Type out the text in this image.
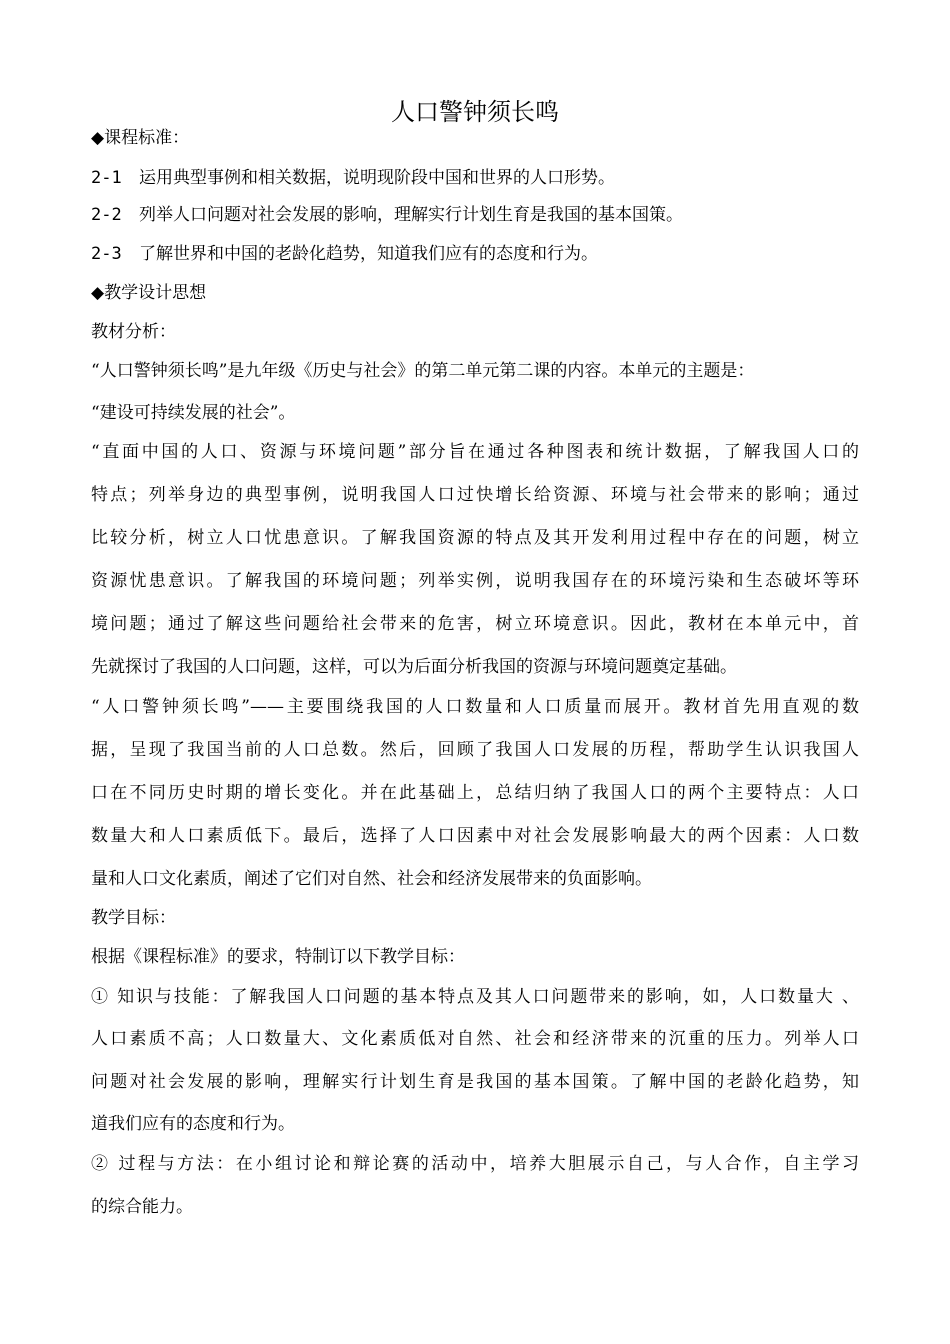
人口警钟须长鸣
◆课程标准：
2-1 运用典型事例和相关数据，说明现阶段中国和世界的人口形势。
2-2 列举人口问题对社会发展的影响，理解实行计划生育是我国的基本国策。
2-3 了解世界和中国的老龄化趋势，知道我们应有的态度和行为。
◆教学设计思想
教材分析：
“人口警钟须长鸣”是九年级《历史与社会》的第二单元第二课的内容。本单元的主题是：
“建设可持续发展的社会”。
“直面中国的人口、资源与环境问题”部分旨在通过各种图表和统计数据，了解我国人口的
特点；列举身边的典型事例，说明我国人口过快增长给资源、环境与社会带来的影响；通过
比较分析，树立人口忧患意识。了解我国资源的特点及其开发利用过程中存在的问题，树立
资源忧患意识。了解我国的环境问题；列举实例，说明我国存在的环境污染和生态破坏等环
境问题；通过了解这些问题给社会带来的危害，树立环境意识。因此，教材在本单元中，首
先就探讨了我国的人口问题，这样，可以为后面分析我国的资源与环境问题奠定基础。
“人口警钟须长鸣”——主要围绕我国的人口数量和人口质量而展开。教材首先用直观的数
据，呈现了我国当前的人口总数。然后，回顾了我国人口发展的历程，帮助学生认识我国人
口在不同历史时期的增长变化。并在此基础上，总结归纳了我国人口的两个主要特点：人口
数量大和人口素质低下。最后，选择了人口因素中对社会发展影响最大的两个因素：人口数
量和人口文化素质，阐述了它们对自然、社会和经济发展带来的负面影响。
教学目标：
根据《课程标准》的要求，特制订以下教学目标：
① 知识与技能：了解我国人口问题的基本特点及其人口问题带来的影响，如，人口数量大 、
人口素质不高；人口数量大、文化素质低对自然、社会和经济带来的沉重的压力。列举人口
问题对社会发展的影响，理解实行计划生育是我国的基本国策。了解中国的老龄化趋势，知
道我们应有的态度和行为。
② 过程与方法：在小组讨论和辩论赛的活动中，培养大胆展示自己，与人合作，自主学习
的综合能力。
